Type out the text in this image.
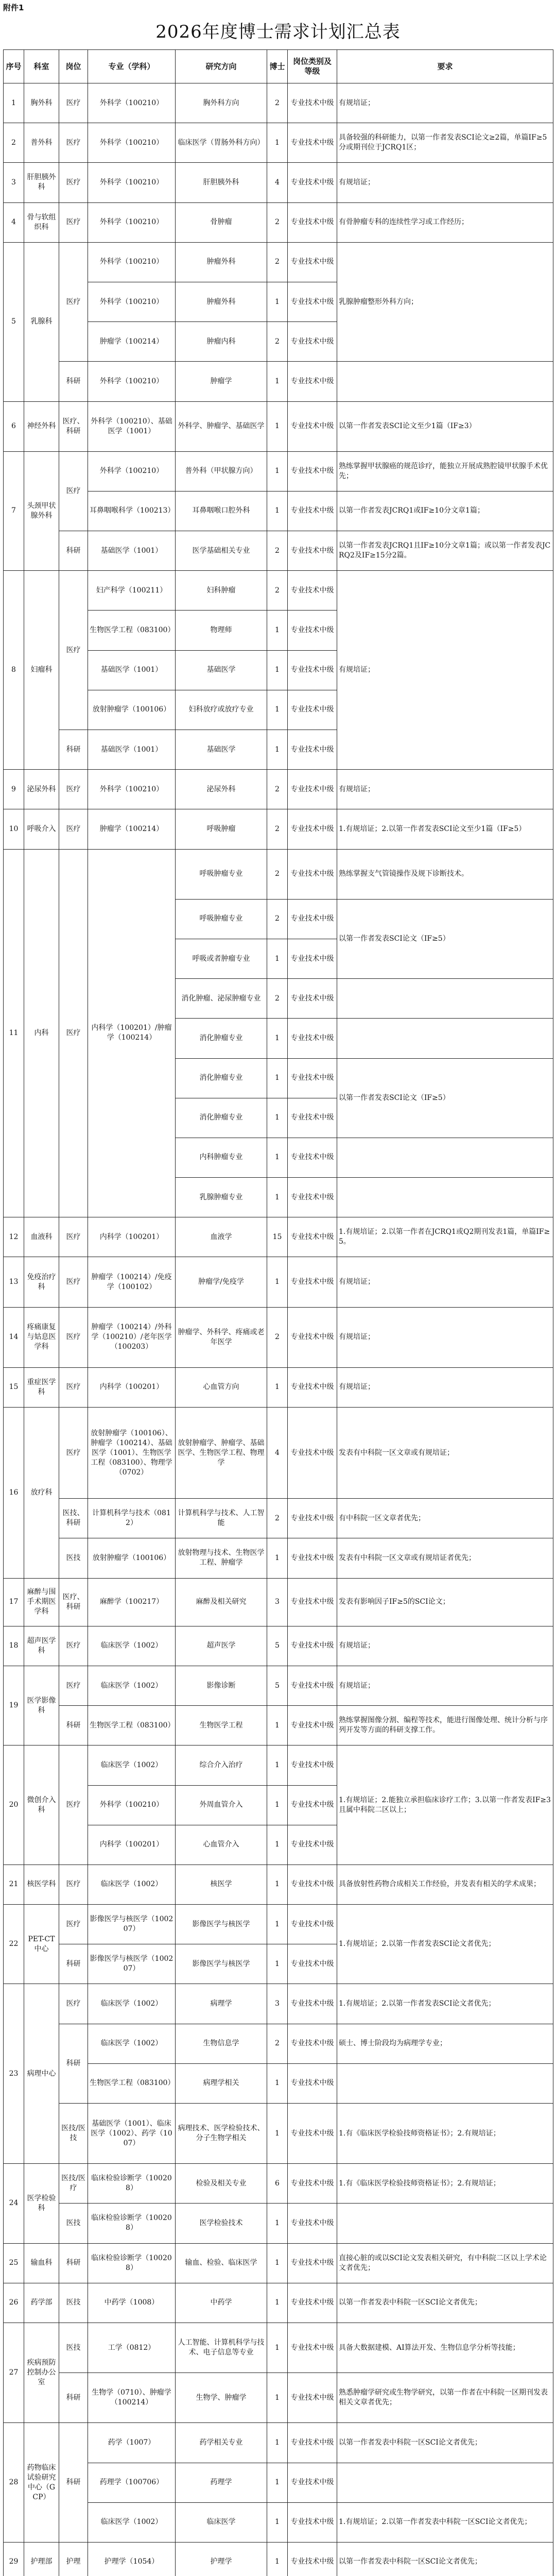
附件1
2026年度博士需求计划汇总表
序号	科室	岗位	专业（学科）	研究方向	博士	岗位类别及等级	要求
1	胸外科	医疗	外科学（100210）	胸外科方向	2	专业技术中级	有规培证；
2	普外科	医疗	外科学（100210）	临床医学（胃肠外科方向）	1	专业技术中级	具备较强的科研能力，以第一作者发表SCI论文≥2篇，单篇IF≥5分或期刊位于JCRQ1区；
3	肝胆胰外科	医疗	外科学（100210）	肝胆胰外科	4	专业技术中级	有规培证；
4	骨与软组织科	医疗	外科学（100210）	骨肿瘤	2	专业技术中级	有骨肿瘤专科的连续性学习或工作经历；
5	乳腺科	医疗	外科学（100210）	肿瘤外科	2	专业技术中级	乳腺肿瘤整形外科方向；
			外科学（100210）	肿瘤外科	1	专业技术中级	
			肿瘤学（100214）	肿瘤内科	2	专业技术中级	
		科研	外科学（100210）	肿瘤学	1	专业技术中级	
6	神经外科	医疗、科研	外科学（100210）、基础医学（1001）	外科学、肿瘤学、基础医学	1	专业技术中级	以第一作者发表SCI论文至少1篇（IF≥3）
7	头颈甲状腺外科	医疗	外科学（100210）	普外科（甲状腺方向）	1	专业技术中级	熟练掌握甲状腺癌的规范诊疗，能独立开展成熟腔镜甲状腺手术优先；
			耳鼻咽喉科学（100213）	耳鼻咽喉口腔外科	1	专业技术中级	以第一作者发表JCRQ1或IF≥10分文章1篇；
		科研	基础医学（1001）	医学基础相关专业	2	专业技术中级	以第一作者发表JCRQ1且IF≥10分文章1篇；或以第一作者发表JCRQ2及IF≥15分2篇。
8	妇瘤科	医疗	妇产科学（100211）	妇科肿瘤	2	专业技术中级	有规培证；
			生物医学工程（083100）	物理师	1	专业技术中级	
			基础医学（1001）	基础医学	1	专业技术中级	
			放射肿瘤学（100106）	妇科放疗或放疗专业	1	专业技术中级	
		科研	基础医学（1001）	基础医学	1	专业技术中级	
9	泌尿外科	医疗	外科学（100210）	泌尿外科	2	专业技术中级	有规培证；
10	呼吸介入	医疗	肿瘤学（100214）	呼吸肿瘤	2	专业技术中级	1.有规培证；2.以第一作者发表SCI论文至少1篇（IF≥5）
11	内科	医疗	内科学（100201）/肿瘤学（100214）	呼吸肿瘤专业	2	专业技术中级	熟练掌握支气管镜操作及规下诊断技术。
				呼吸肿瘤专业	2	专业技术中级	以第一作者发表SCI论文（IF≥5）
				呼吸或者肿瘤专业	1	专业技术中级	
				消化肿瘤、泌尿肿瘤专业	2	专业技术中级	
				消化肿瘤专业	1	专业技术中级	
				消化肿瘤专业	1	专业技术中级	以第一作者发表SCI论文（IF≥5）
				消化肿瘤专业	1	专业技术中级	
				内科肿瘤专业	1	专业技术中级	
				乳腺肿瘤专业	1	专业技术中级	
12	血液科	医疗	内科学（100201）	血液学	15	专业技术中级	1.有规培证；2.以第一作者在JCRQ1或Q2期刊发表1篇，单篇IF≥5。
13	免疫治疗科	医疗	肿瘤学（100214）/免疫学（100102）	肿瘤学/免疫学	1	专业技术中级	有规培证；
14	疼痛康复与姑息医学科	医疗	肿瘤学（100214）/外科学（100210）/老年医学（100203）	肿瘤学、外科学、疼痛或老年医学	2	专业技术中级	有规培证；
15	重症医学科	医疗	内科学（100201）	心血管方向	1	专业技术中级	有规培证；
16	放疗科	医疗	放射肿瘤学（100106）、肿瘤学（100214）、基础医学（1001）、生物医学工程（083100）、物理学（0702）	放射肿瘤学、肿瘤学、基础医学、生物医学工程、物理学	4	专业技术中级	发表有中科院一区文章或有规培证；
		医技、科研	计算机科学与技术（0812）	计算机科学与技术、人工智能	2	专业技术中级	有中科院一区文章者优先；
		医技	放射肿瘤学（100106）	放射物理与技术、生物医学工程、肿瘤学	1	专业技术中级	发表有中科院一区文章或有规培证者优先；
17	麻醉与围手术期医学科	医疗、科研	麻醉学（100217）	麻醉及相关研究	3	专业技术中级	发表有影响因子IF≥5的SCI论文；
18	超声医学科	医疗	临床医学（1002）	超声医学	5	专业技术中级	有规培证；
19	医学影像科	医疗	临床医学（1002）	影像诊断	5	专业技术中级	有规培证；
		科研	生物医学工程（083100）	生物医学工程	1	专业技术中级	熟练掌握图像分割、编程等技术，能进行图像处理、统计分析与序列开发等方面的科研支撑工作。
20	微创介入科	医疗	临床医学（1002）	综合介入治疗	1	专业技术中级	1.有规培证；2.能独立承担临床诊疗工作；3.以第一作者发表IF≥3且属中科院二区以上；
			外科学（100210）	外周血管介入	1	专业技术中级	
			内科学（100201）	心血管介入	1	专业技术中级	
21	核医学科	医疗	临床医学（1002）	核医学	1	专业技术中级	具备放射性药物合成相关工作经验，并发表有相关的学术成果；
22	PET-CT中心	医疗	影像医学与核医学（100207）	影像医学与核医学	1	专业技术中级	1.有规培证；2.以第一作者发表SCI论文者优先；
		科研	影像医学与核医学（100207）	影像医学与核医学	1	专业技术中级	
23	病理中心	医疗	临床医学（1002）	病理学	3	专业技术中级	1.有规培证；2.以第一作者发表SCI论文者优先；
		科研	临床医学（1002）	生物信息学	2	专业技术中级	硕士、博士阶段均为病理学专业；
			生物医学工程（083100）	病理学相关	1	专业技术中级	
		医技/医技	基础医学（1001）、临床医学（1002）、药学（1007）	病理技术、医学检验技术、分子生物学相关	1	专业技术中级	1.有《临床医学检验技师资格证书》；2.有规培证；
24	医学检验科	医技/医疗	临床检验诊断学（100208）	检验及相关专业	6	专业技术中级	1.有《临床医学检验技师资格证书》；2.有规培证；
		医技	临床检验诊断学（100208）	医学检验技术	1	专业技术中级	
25	输血科	科研	临床检验诊断学（100208）	输血、检验、临床医学	1	专业技术中级	直接心脏的或以SCI论文发表相关研究，有中科院二区以上学术论文者优先；
26	药学部	医技	中药学（1008）	中药学	1	专业技术中级	以第一作者发表中科院一区SCI论文者优先；
27	疾病预防控制办公室	医技	工学（0812）	人工智能、计算机科学与技术、电子信息等专业	1	专业技术中级	具备大数据建模、AI算法开发、生物信息学分析等技能；
		科研	生物学（0710）、肿瘤学（100214）	生物学、肿瘤学	1	专业技术中级	熟悉肿瘤学研究或生物学研究，以第一作者在中科院一区期刊发表相关文章者优先；
28	药物临床试验研究中心（GCP）	科研	药学（1007）	药学相关专业	1	专业技术中级	以第一作者发表中科院一区SCI论文者优先；
			药理学（100706）	药理学	1	专业技术中级	
			临床医学（1002）	临床医学	1	专业技术中级	1.有规培证；2.以第一作者发表中科院一区SCI论文者优先；
29	护理部	护理	护理学（1054）	护理学	1	专业技术中级	以第一作者发表中科院一区SCI论文者优先；
